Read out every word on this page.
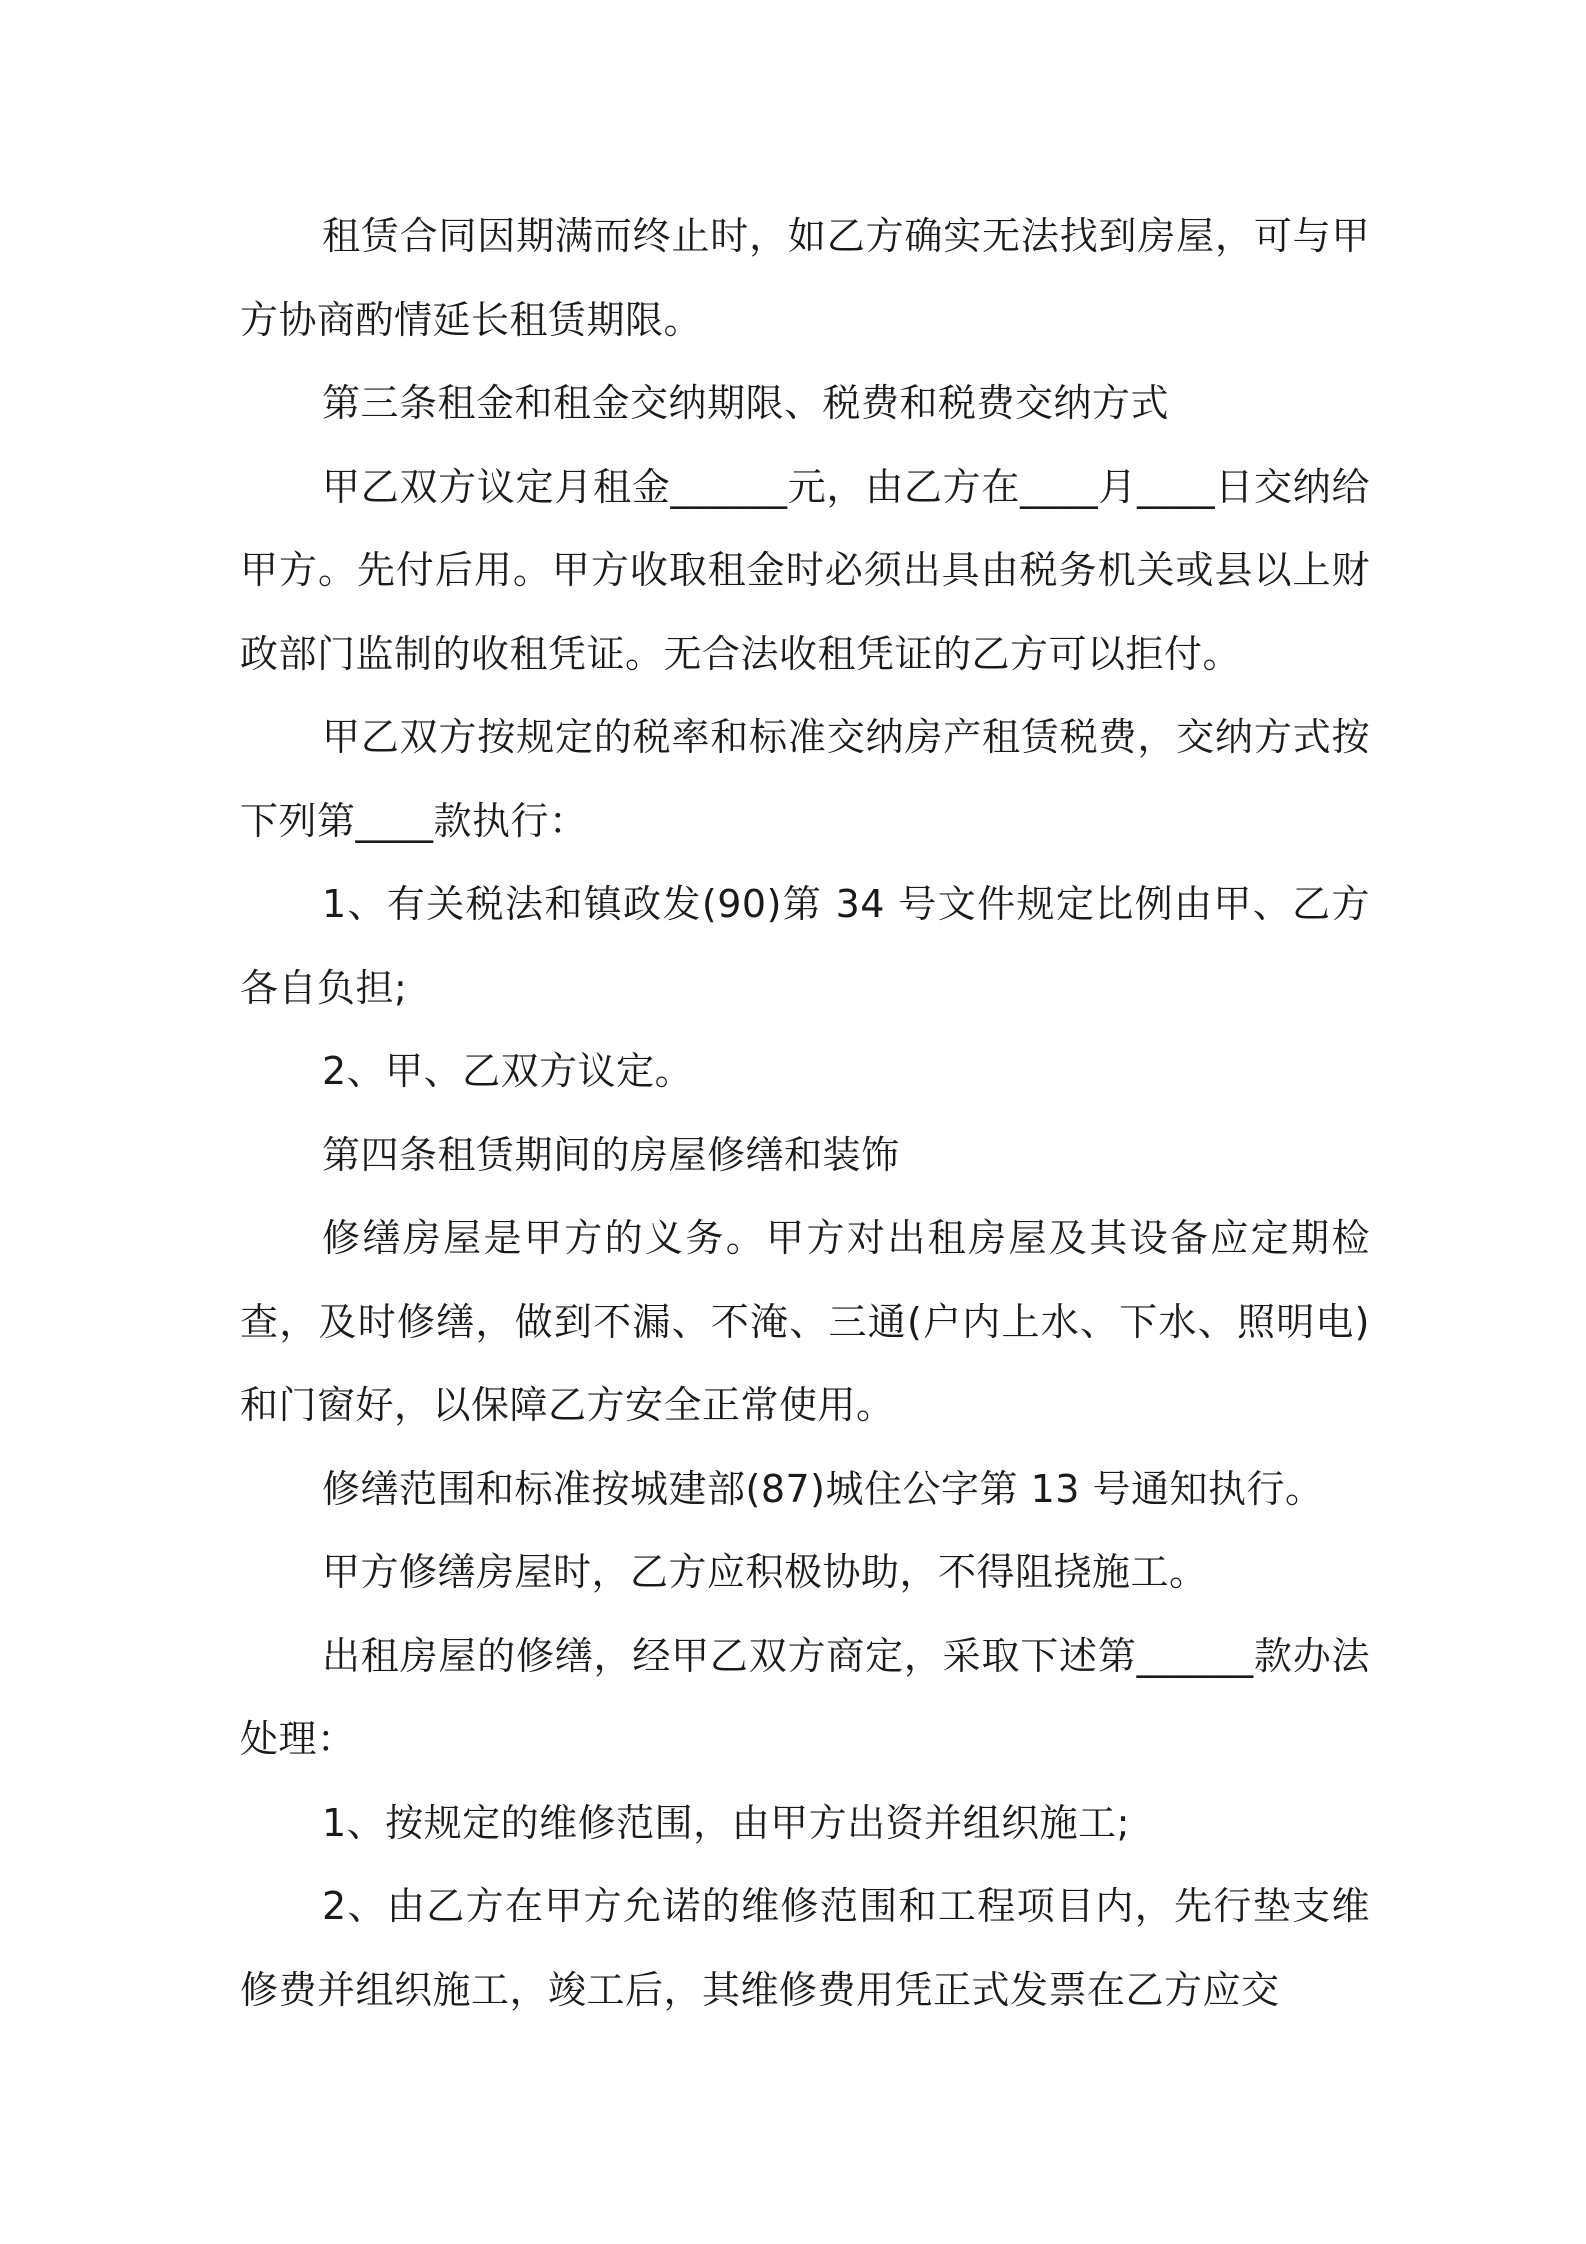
租赁合同因期满而终止时，如乙方确实无法找到房屋，可与甲方协商酌情延长租赁期限。

第三条租金和租金交纳期限、税费和税费交纳方式

甲乙双方议定月租金______元，由乙方在____月____日交纳给甲方。先付后用。甲方收取租金时必须出具由税务机关或县以上财政部门监制的收租凭证。无合法收租凭证的乙方可以拒付。

甲乙双方按规定的税率和标准交纳房产租赁税费，交纳方式按下列第____款执行：

1、有关税法和镇政发(90)第 34 号文件规定比例由甲、乙方各自负担;

2、甲、乙双方议定。

第四条租赁期间的房屋修缮和装饰

修缮房屋是甲方的义务。甲方对出租房屋及其设备应定期检查，及时修缮，做到不漏、不淹、三通(户内上水、下水、照明电)和门窗好，以保障乙方安全正常使用。

修缮范围和标准按城建部(87)城住公字第 13 号通知执行。

甲方修缮房屋时，乙方应积极协助，不得阻挠施工。

出租房屋的修缮，经甲乙双方商定，采取下述第______款办法处理：

1、按规定的维修范围，由甲方出资并组织施工;

2、由乙方在甲方允诺的维修范围和工程项目内，先行垫支维修费并组织施工，竣工后，其维修费用凭正式发票在乙方应交
